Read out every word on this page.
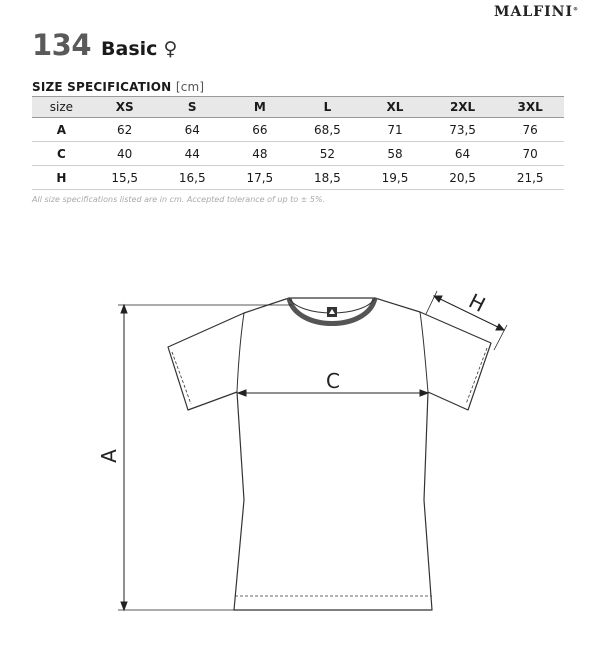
MALFINI®
134 Basic ♀
SIZE SPECIFICATION [cm]
size	XS	S	M	L	XL	2XL	3XL
A	62	64	66	68,5	71	73,5	76
C	40	44	48	52	58	64	70
H	15,5	16,5	17,5	18,5	19,5	20,5	21,5
All size specifications listed are in cm. Accepted tolerance of up to ± 5%.
A
C
H
